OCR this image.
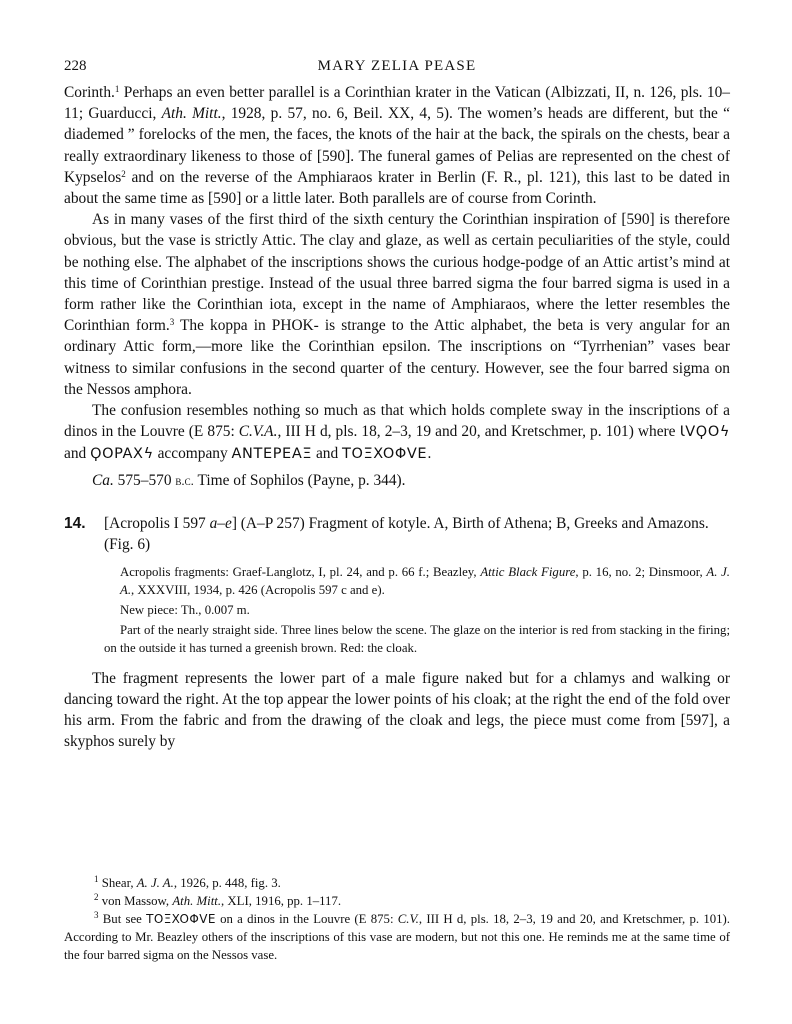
228	MARY ZELIA PEASE

Corinth.$^1$ Perhaps an even better parallel is a Corinthian krater in the Vatican (Albizzati, II, n. 126, pls. 10–11; Guarducci, Ath. Mitt., 1928, p. 57, no. 6, Beil. XX, 4, 5). The women’s heads are different, but the “ diademed ” forelocks of the men, the faces, the knots of the hair at the back, the spirals on the chests, bear a really extraordinary likeness to those of [590]. The funeral games of Pelias are represented on the chest of Kypselos$^2$ and on the reverse of the Amphiaraos krater in Berlin (F. R., pl. 121), this last to be dated in about the same time as [590] or a little later. Both parallels are of course from Corinth.

As in many vases of the first third of the sixth century the Corinthian inspiration of [590] is therefore obvious, but the vase is strictly Attic. The clay and glaze, as well as certain peculiarities of the style, could be nothing else. The alphabet of the inscriptions shows the curious hodge-podge of an Attic artist’s mind at this time of Corinthian prestige. Instead of the usual three barred sigma the four barred sigma is used in a form rather like the Corinthian iota, except in the name of Amphiaraos, where the letter resembles the Corinthian form.$^3$ The koppa in PHOK- is strange to the Attic alphabet, the beta is very angular for an ordinary Attic form,—more like the Corinthian epsilon. The inscriptions on “Tyrrhenian” vases bear witness to similar confusions in the second quarter of the century. However, see the four barred sigma on the Nessos amphora.

The confusion resembles nothing so much as that which holds complete sway in the inscriptions of a dinos in the Louvre (E 875: C.V.A., III H d, pls. 18, 2–3, 19 and 20, and Kretschmer, p. 101) where ƖVϘOϟ and ϘOPAXϟ accompany ANTEPEAΞ and TOΞXOΦVE.

Ca. 575–570 b.c. Time of Sophilos (Payne, p. 344).

14. [Acropolis I 597 a–e] (A–P 257) Fragment of kotyle. A, Birth of Athena; B, Greeks and Amazons. (Fig. 6)

Acropolis fragments: Graef-Langlotz, I, pl. 24, and p. 66 f.; Beazley, Attic Black Figure, p. 16, no. 2; Dinsmoor, A. J. A., XXXVIII, 1934, p. 426 (Acropolis 597 c and e).

New piece: Th., 0.007 m.

Part of the nearly straight side. Three lines below the scene. The glaze on the interior is red from stacking in the firing; on the outside it has turned a greenish brown. Red: the cloak.

The fragment represents the lower part of a male figure naked but for a chlamys and walking or dancing toward the right. At the top appear the lower points of his cloak; at the right the end of the fold over his arm. From the fabric and from the drawing of the cloak and legs, the piece must come from [597], a skyphos surely by

$^1$ Shear, A. J. A., 1926, p. 448, fig. 3.

$^2$ von Massow, Ath. Mitt., XLI, 1916, pp. 1–117.

$^3$ But see TOΞXOΦVE on a dinos in the Louvre (E 875: C.V., III H d, pls. 18, 2–3, 19 and 20, and Kretschmer, p. 101). According to Mr. Beazley others of the inscriptions of this vase are modern, but not this one. He reminds me at the same time of the four barred sigma on the Nessos vase.
